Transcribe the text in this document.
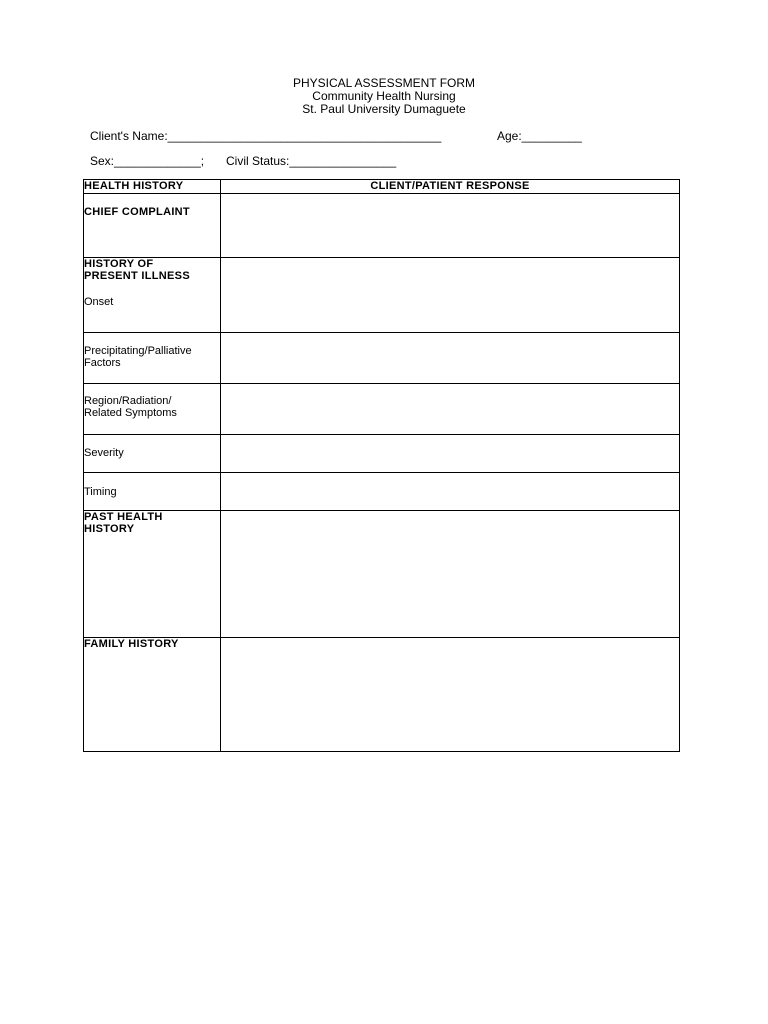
PHYSICAL ASSESSMENT FORM
Community Health Nursing
St. Paul University Dumaguete
Client's Name:_________________________________________	Age:_________
Sex:_____________; Civil Status:________________
HEALTH HISTORY	CLIENT/PATIENT RESPONSE
CHIEF COMPLAINT	
HISTORY OF
PRESENT ILLNESS
Onset	

Precipitating/Palliative
Factors	
Region/Radiation/
Related Symptoms	
Severity	
Timing	
PAST HEALTH
HISTORY	
FAMILY HISTORY	
